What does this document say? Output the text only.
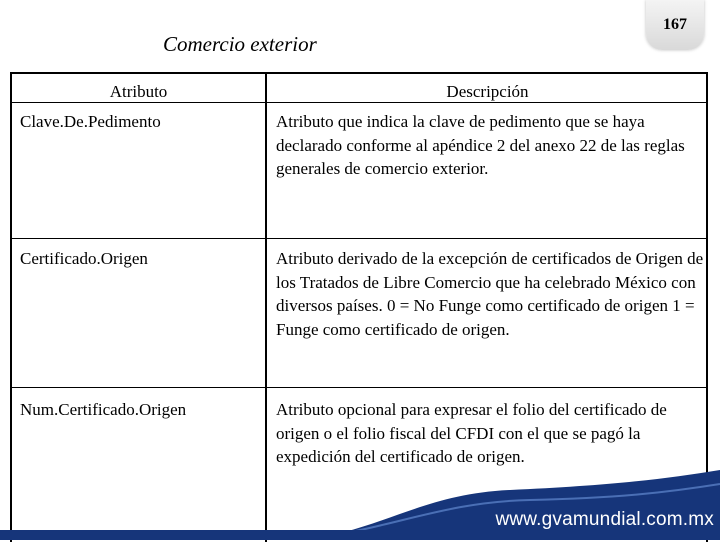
Comercio exterior
167
Atributo	Descripción
Clave.De.Pedimento	Atributo que indica la clave de pedimento que se haya declarado conforme al apéndice 2 del anexo 22 de las reglas generales de comercio exterior.
Certificado.Origen	Atributo derivado de la excepción de certificados de Origen de los Tratados de Libre Comercio que ha celebrado México con diversos países. 0 = No Funge como certificado de origen 1 = Funge como certificado de origen.
Num.Certificado.Origen	Atributo opcional para expresar el folio del certificado de origen o el folio fiscal del CFDI con el que se pagó la expedición del certificado de origen.
www.gvamundial.com.mx
